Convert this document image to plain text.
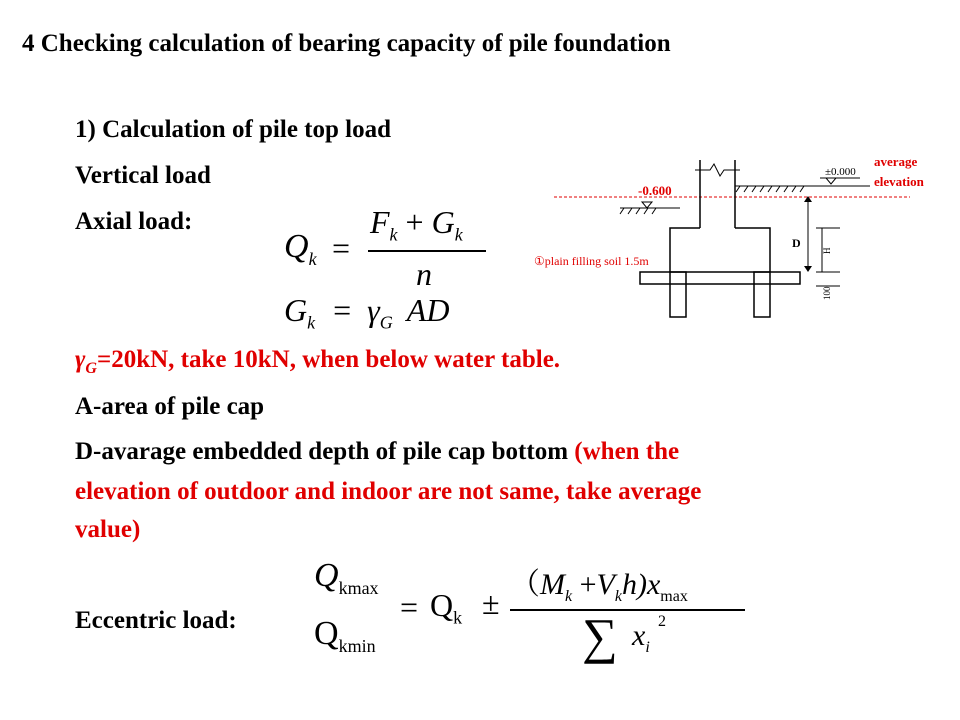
4 Checking calculation of bearing capacity of pile foundation
1) Calculation of pile top load
Vertical load
Axial load:
$Q_k$ =
$F_k + G_k$
n
$G_k = \gamma_G$ AD
$\gamma_G=20kN$, take 10kN, when below water table.
A-area of pile cap
D-avarage embedded depth of pile cap bottom (when the
elevation of outdoor and indoor are not same, take average
value)
Eccentric load:
$Q_{kmax}$
$Q_{kmin}$
= $Q_k$ ±
$(M_k +V_kh)x_{max}$
∑ $x_i$
2
±0.000
average
elevation
-0.600
①plain filling soil 1.5m
D
H
100
